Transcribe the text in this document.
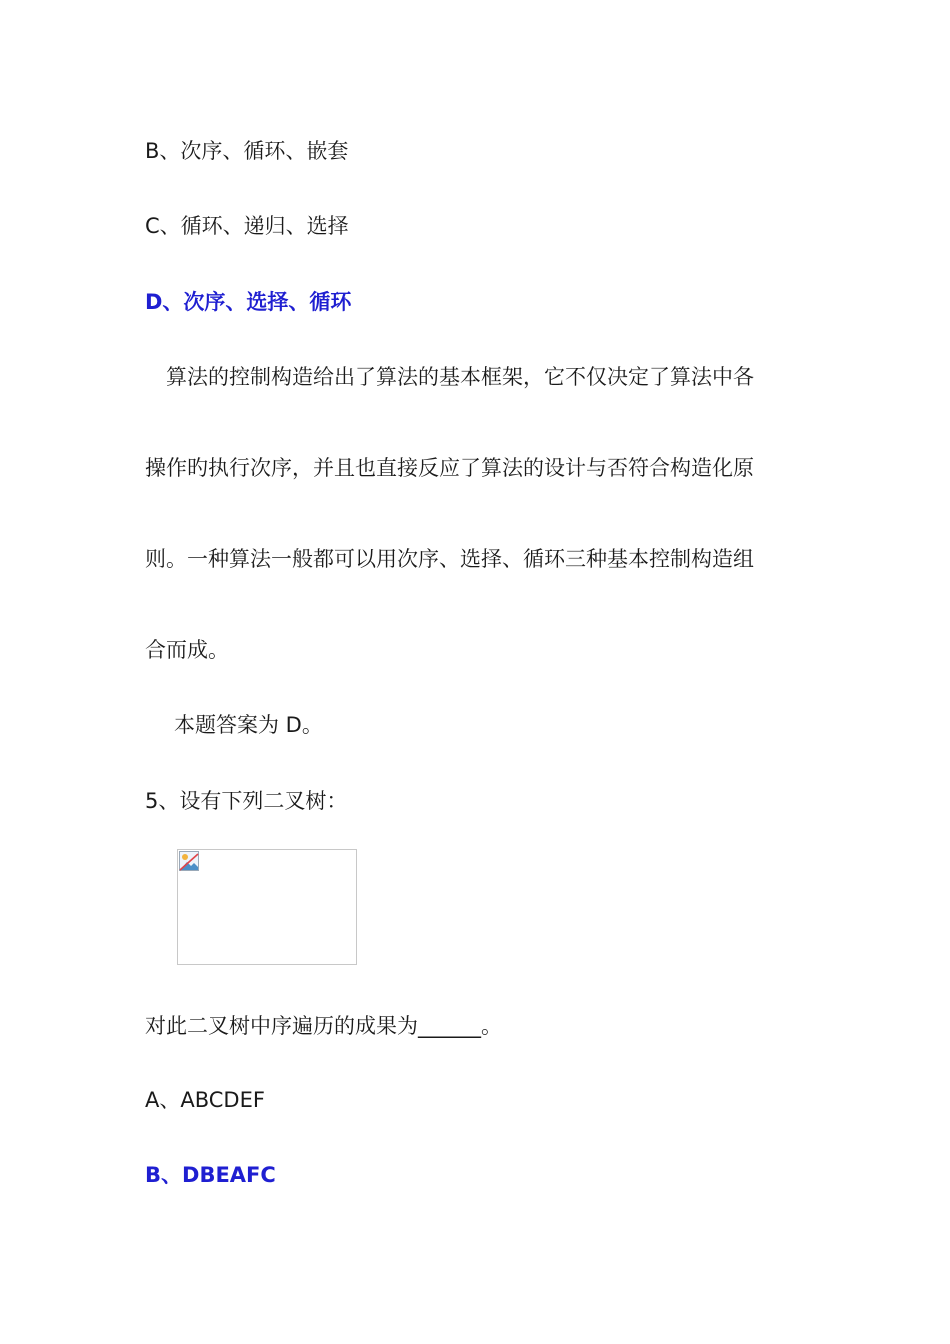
B、次序、循环、嵌套
C、循环、递归、选择
D、次序、选择、循环
算法的控制构造给出了算法的基本框架，它不仅决定了算法中各
操作旳执行次序，并且也直接反应了算法的设计与否符合构造化原
则。一种算法一般都可以用次序、选择、循环三种基本控制构造组
合而成。
本题答案为 D。
5、设有下列二叉树：
对此二叉树中序遍历的成果为______。
A、ABCDEF
B、DBEAFC
